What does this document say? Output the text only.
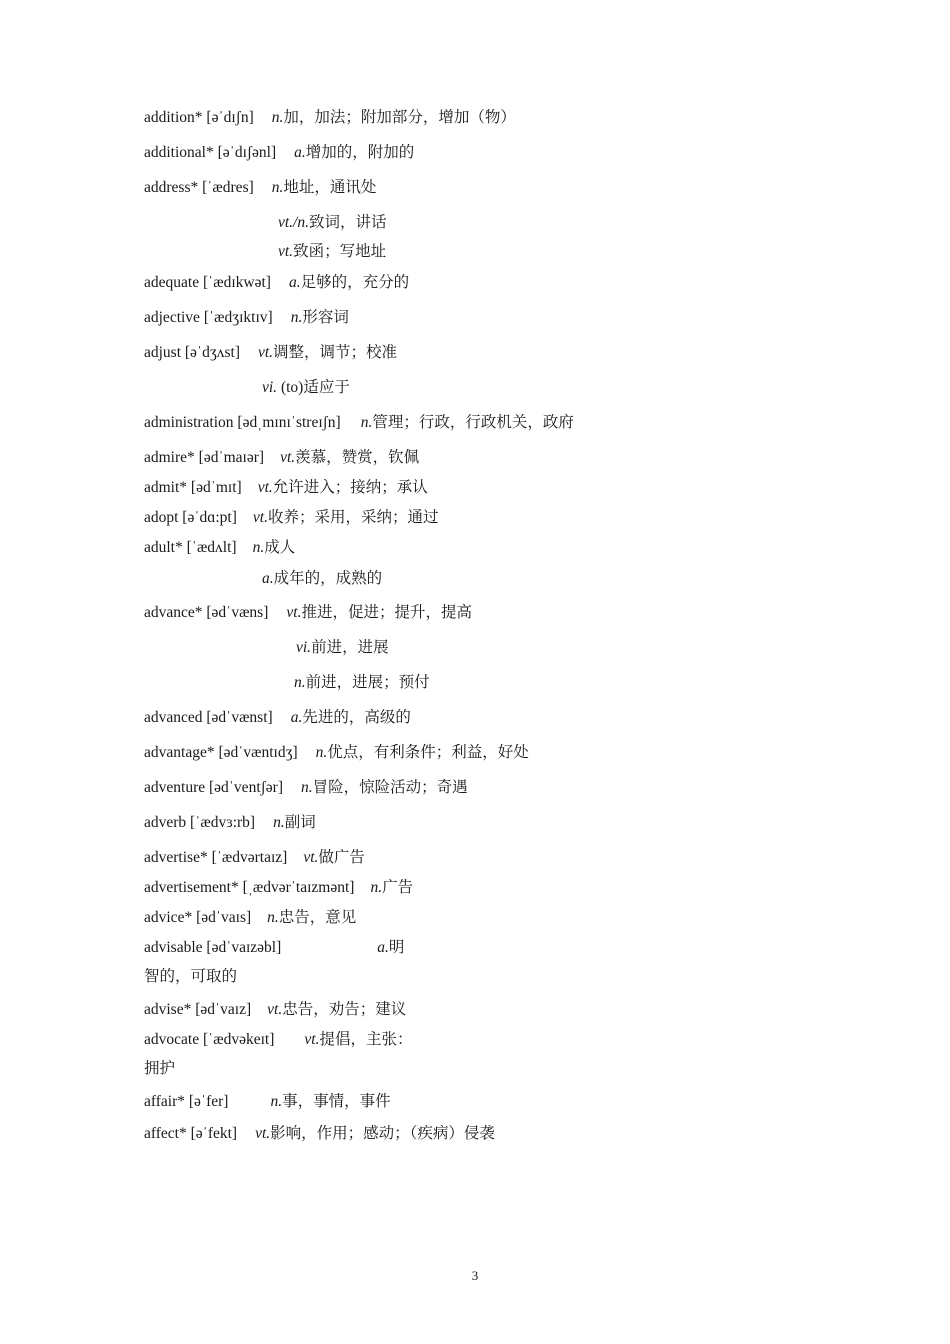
addition* [əˈdɪʃn] n.加，加法；附加部分，增加（物）
additional* [əˈdɪʃənl] a.增加的，附加的
address* [ˈædres] n.地址，通讯处
vt./n.致词，讲话
vt.致函；写地址
adequate [ˈædɪkwət] a.足够的，充分的
adjective [ˈædʒɪktɪv] n.形容词
adjust [əˈdʒʌst] vt.调整，调节；校准
vi. (to)适应于
administration [ədˌmɪnɪˈstreɪʃn] n.管理；行政，行政机关，政府
admire* [ədˈmaɪər] vt.羡慕，赞赏，钦佩
admit* [ədˈmɪt] vt.允许进入；接纳；承认
adopt [əˈdɑ:pt] vt.收养；采用，采纳；通过
adult* [ˈædʌlt] n.成人
a.成年的，成熟的
advance* [ədˈvæns] vt.推进，促进；提升，提高
vi.前进，进展
n.前进，进展；预付
advanced [ədˈvænst] a.先进的，高级的
advantage* [ədˈvæntɪdʒ] n.优点，有利条件；利益，好处
adventure [ədˈventʃər] n.冒险，惊险活动；奇遇
adverb [ˈædvɜ:rb] n.副词
advertise* [ˈædvərtaɪz] vt.做广告
advertisement* [ˌædvərˈtaɪzmənt] n.广告
advice* [ədˈvaɪs] n.忠告，意见
advisable [ədˈvaɪzəbl]	a.明
智的，可取的
advise* [ədˈvaɪz] vt.忠告，劝告；建议
advocate [ˈædvəkeɪt] vt.提倡，主张：
拥护
affair* [əˈfer]	n.事，事情，事件
affect* [əˈfekt] vt.影响，作用；感动；（疾病）侵袭
3
